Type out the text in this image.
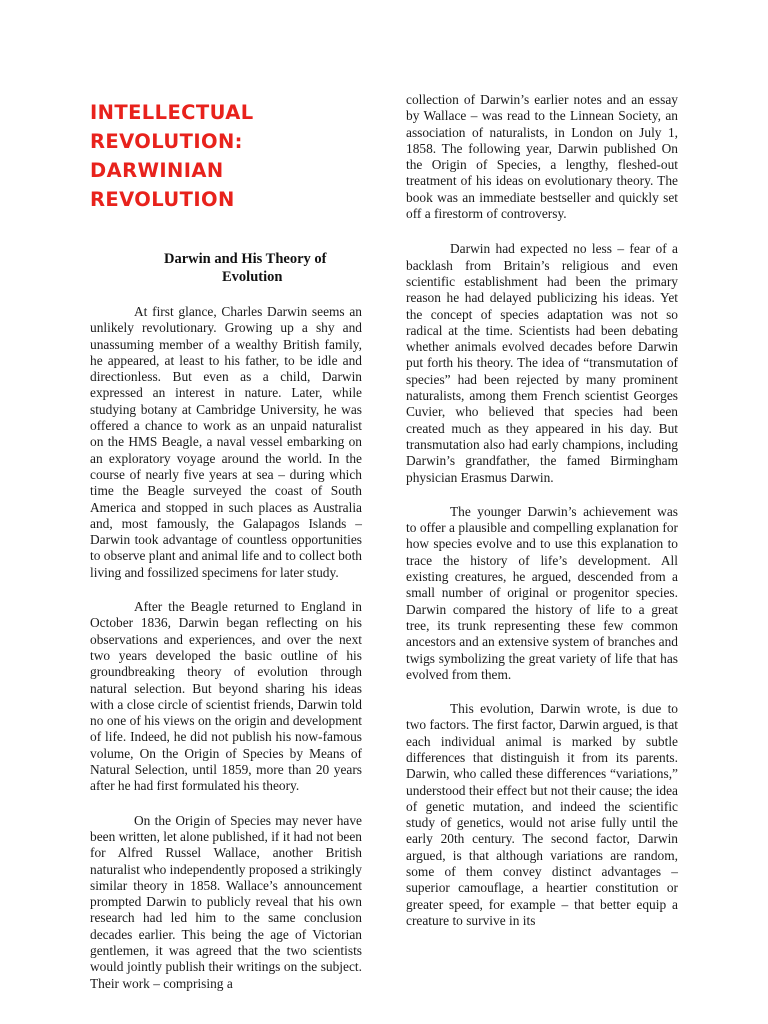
INTELLECTUAL REVOLUTION:
DARWINIAN REVOLUTION
Darwin and His Theory of
Evolution

At first glance, Charles Darwin seems an unlikely revolutionary. Growing up a shy and unassuming member of a wealthy British family, he appeared, at least to his father, to be idle and directionless. But even as a child, Darwin expressed an interest in nature. Later, while studying botany at Cambridge University, he was offered a chance to work as an unpaid naturalist on the HMS Beagle, a naval vessel embarking on an exploratory voyage around the world. In the course of nearly five years at sea – during which time the Beagle surveyed the coast of South America and stopped in such places as Australia and, most famously, the Galapagos Islands – Darwin took advantage of countless opportunities to observe plant and animal life and to collect both living and fossilized specimens for later study.

After the Beagle returned to England in October 1836, Darwin began reflecting on his observations and experiences, and over the next two years developed the basic outline of his groundbreaking theory of evolution through natural selection. But beyond sharing his ideas with a close circle of scientist friends, Darwin told no one of his views on the origin and development of life. Indeed, he did not publish his now-famous volume, On the Origin of Species by Means of Natural Selection, until 1859, more than 20 years after he had first formulated his theory.

On the Origin of Species may never have been written, let alone published, if it had not been for Alfred Russel Wallace, another British naturalist who independently proposed a strikingly similar theory in 1858. Wallace’s announcement prompted Darwin to publicly reveal that his own research had led him to the same conclusion decades earlier. This being the age of Victorian gentlemen, it was agreed that the two scientists would jointly publish their writings on the subject. Their work – comprising a

collection of Darwin’s earlier notes and an essay by Wallace – was read to the Linnean Society, an association of naturalists, in London on July 1, 1858. The following year, Darwin published On the Origin of Species, a lengthy, fleshed-out treatment of his ideas on evolutionary theory. The book was an immediate bestseller and quickly set off a firestorm of controversy.

Darwin had expected no less – fear of a backlash from Britain’s religious and even scientific establishment had been the primary reason he had delayed publicizing his ideas. Yet the concept of species adaptation was not so radical at the time. Scientists had been debating whether animals evolved decades before Darwin put forth his theory. The idea of “transmutation of species” had been rejected by many prominent naturalists, among them French scientist Georges Cuvier, who believed that species had been created much as they appeared in his day. But transmutation also had early champions, including Darwin’s grandfather, the famed Birmingham physician Erasmus Darwin.

The younger Darwin’s achievement was to offer a plausible and compelling explanation for how species evolve and to use this explanation to trace the history of life’s development. All existing creatures, he argued, descended from a small number of original or progenitor species. Darwin compared the history of life to a great tree, its trunk representing these few common ancestors and an extensive system of branches and twigs symbolizing the great variety of life that has evolved from them.

This evolution, Darwin wrote, is due to two factors. The first factor, Darwin argued, is that each individual animal is marked by subtle differences that distinguish it from its parents. Darwin, who called these differences “variations,” understood their effect but not their cause; the idea of genetic mutation, and indeed the scientific study of genetics, would not arise fully until the early 20th century. The second factor, Darwin argued, is that although variations are random, some of them convey distinct advantages – superior camouflage, a heartier constitution or greater speed, for example – that better equip a creature to survive in its
